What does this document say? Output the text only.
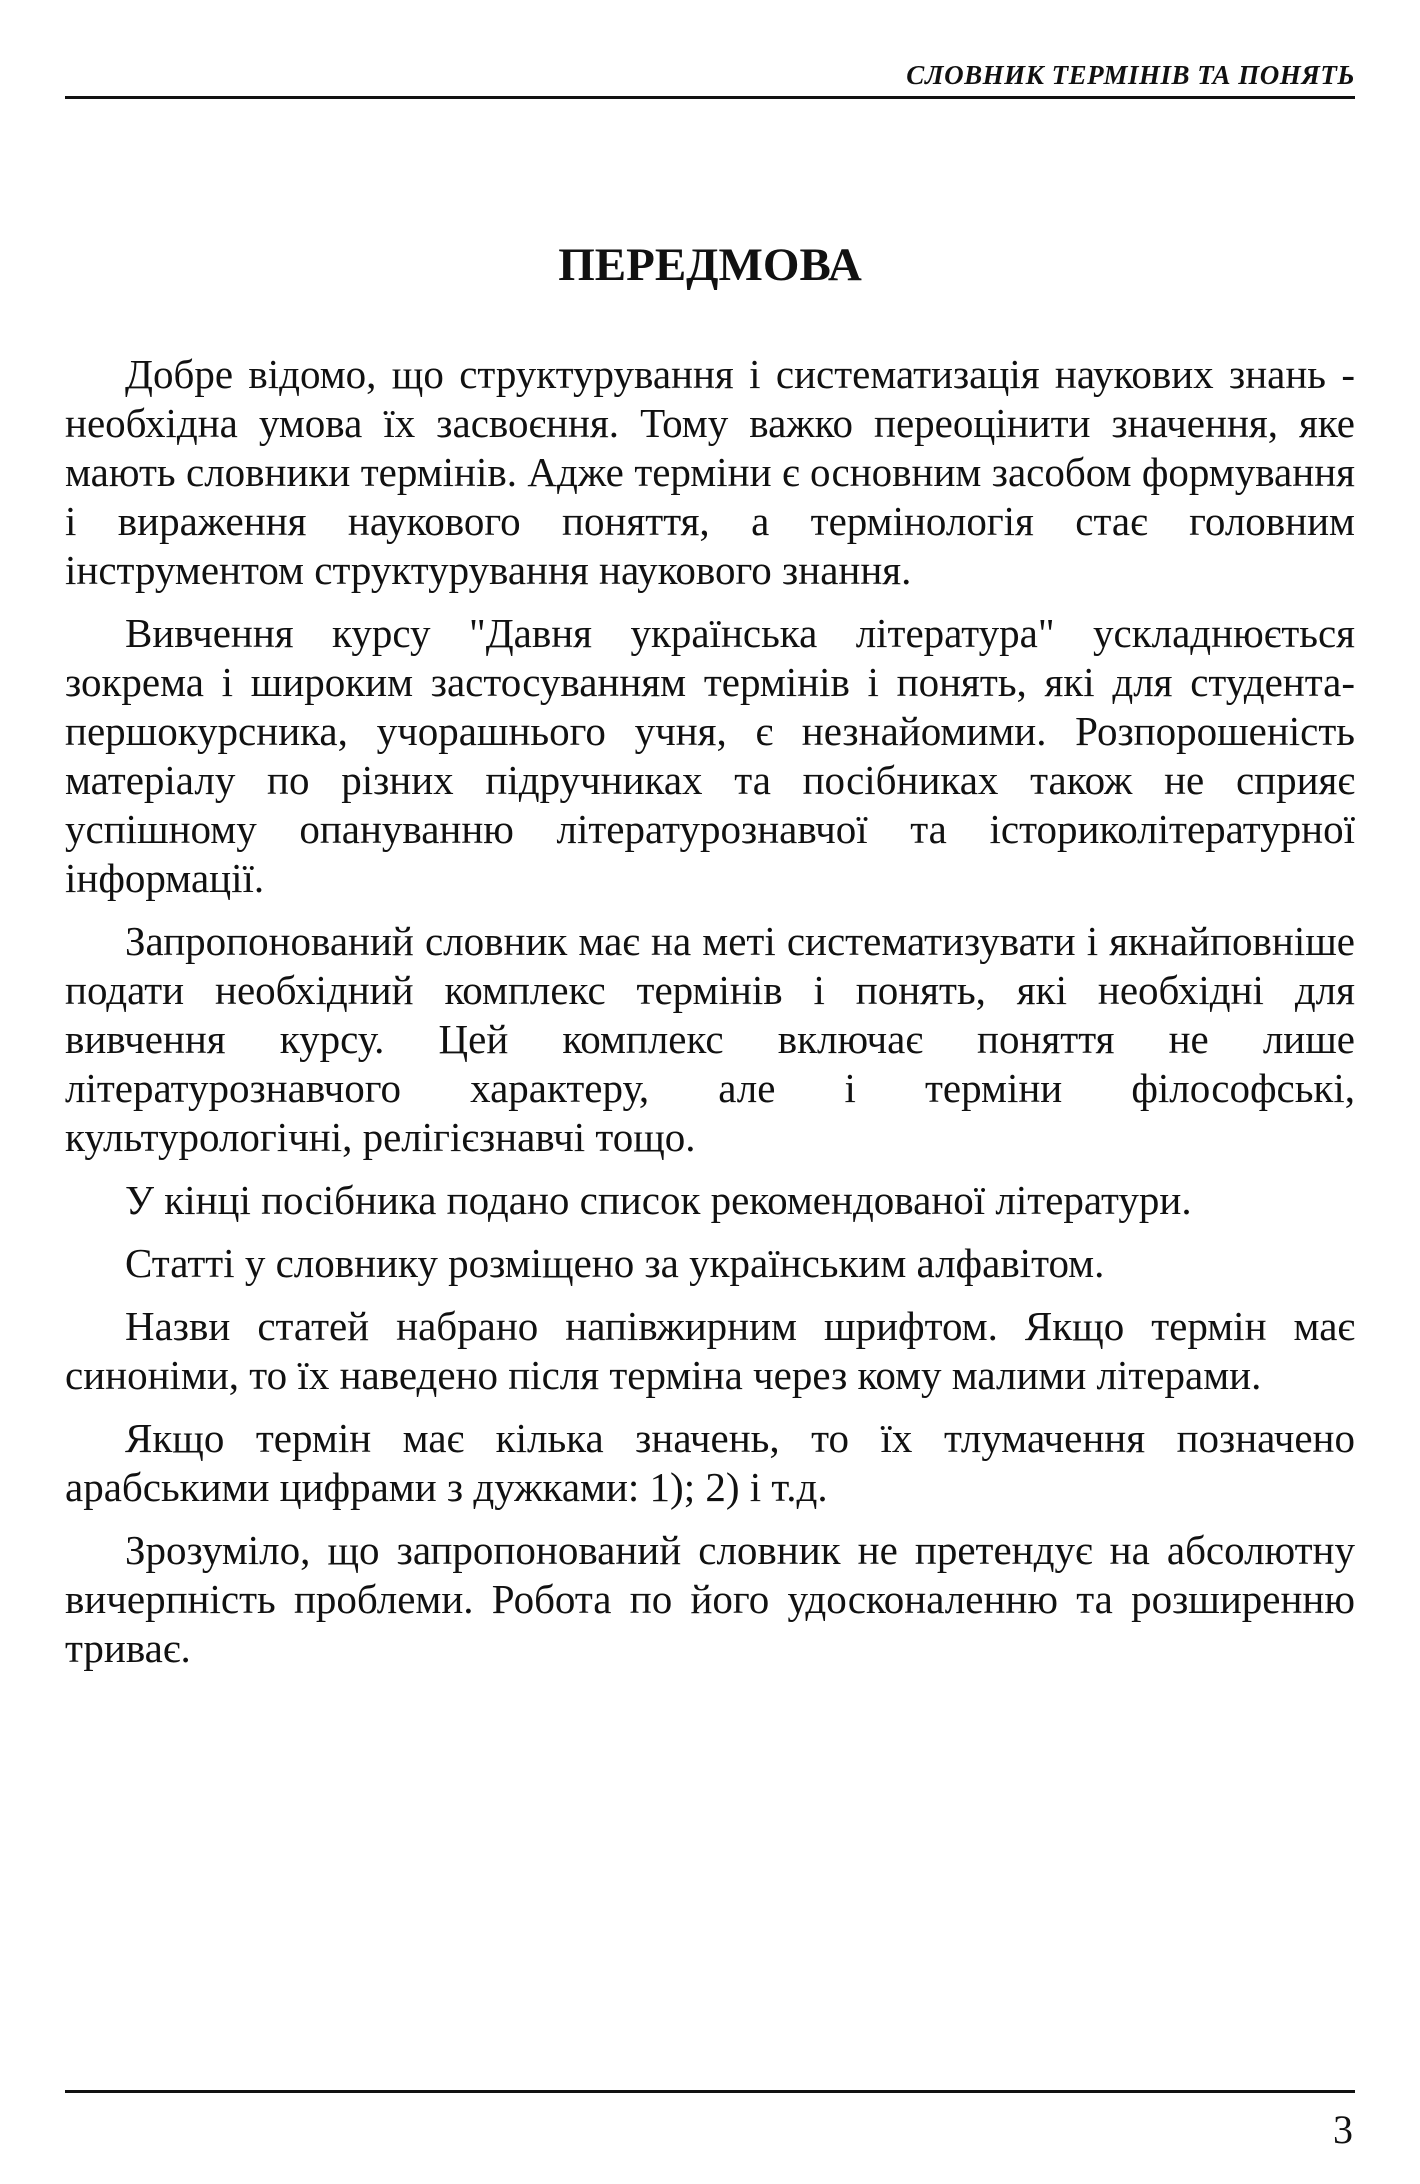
СЛОВНИК ТЕРМІНІВ ТА ПОНЯТЬ
ПЕРЕДМОВА

Добре відомо, що структурування і систематизація наукових знань - необхідна умова їх засвоєння. Тому важко переоцінити значення, яке мають словники термінів. Адже терміни є основним засобом формування і вираження наукового поняття, а термінологія стає головним інструментом структурування наукового знання.

Вивчення курсу "Давня українська література" ускладнюється зокрема і широким застосуванням термінів і понять, які для студента-першокурсника, учорашнього учня, є незнайомими. Розпорошеність матеріалу по різних підручниках та посібниках також не сприяє успішному опануванню літературознавчої та істориколітературної інформації.

Запропонований словник має на меті систематизувати і якнайповніше подати необхідний комплекс термінів і понять, які необхідні для вивчення курсу. Цей комплекс включає поняття не лише літературознавчого характеру, але і терміни філософські, культурологічні, релігієзнавчі тощо.

У кінці посібника подано список рекомендованої літератури.

Статті у словнику розміщено за українським алфавітом.

Назви статей набрано напівжирним шрифтом. Якщо термін має синоніми, то їх наведено після терміна через кому малими літерами.

Якщо термін має кілька значень, то їх тлумачення позначено арабськими цифрами з дужками: 1); 2) і т.д.

Зрозуміло, що запропонований словник не претендує на абсолютну вичерпність проблеми. Робота по його удосконаленню та розширенню триває.

3
